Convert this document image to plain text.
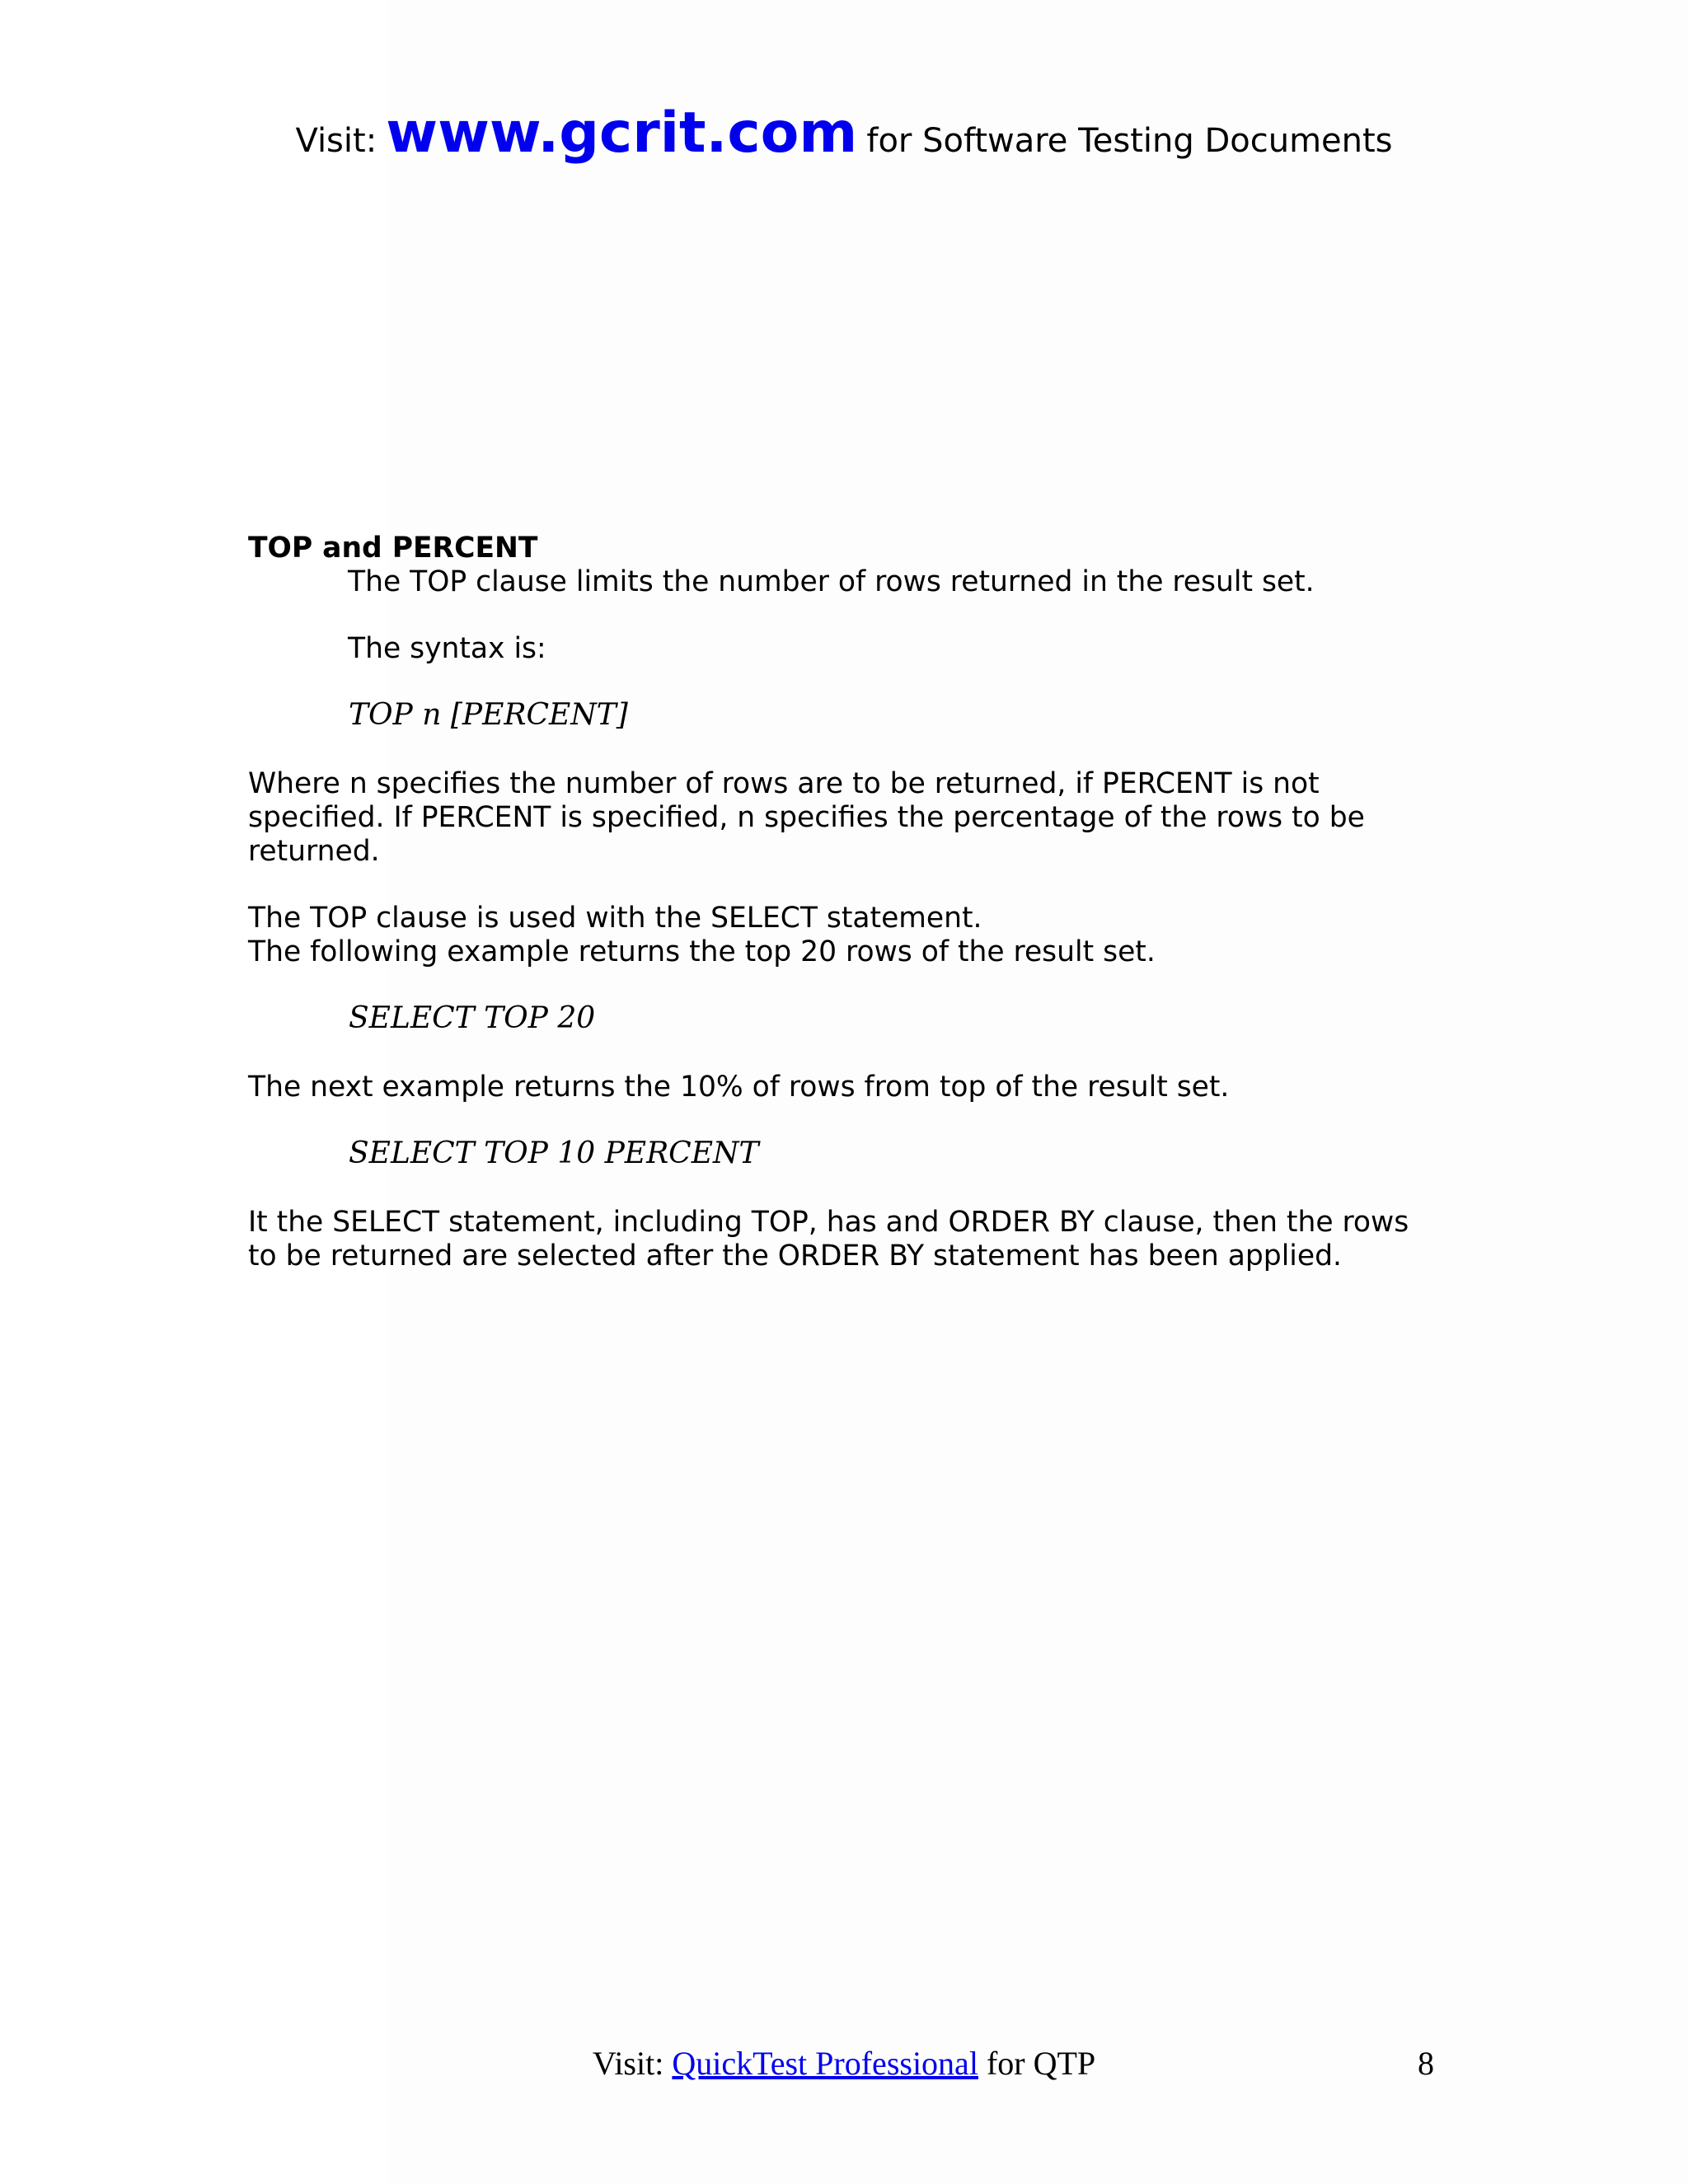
Visit: www.gcrit.com for Software Testing Documents

TOP and PERCENT

The TOP clause limits the number of rows returned in the result set.

The syntax is:

TOP n [PERCENT]

Where n specifies the number of rows are to be returned, if PERCENT is not

specified. If PERCENT is specified, n specifies the percentage of the rows to be

returned.

The TOP clause is used with the SELECT statement.

The following example returns the top 20 rows of the result set.

SELECT TOP 20

The next example returns the 10% of rows from top of the result set.

SELECT TOP 10 PERCENT

It the SELECT statement, including TOP, has and ORDER BY clause, then the rows

to be returned are selected after the ORDER BY statement has been applied.

Visit: QuickTest Professional for QTP	8
